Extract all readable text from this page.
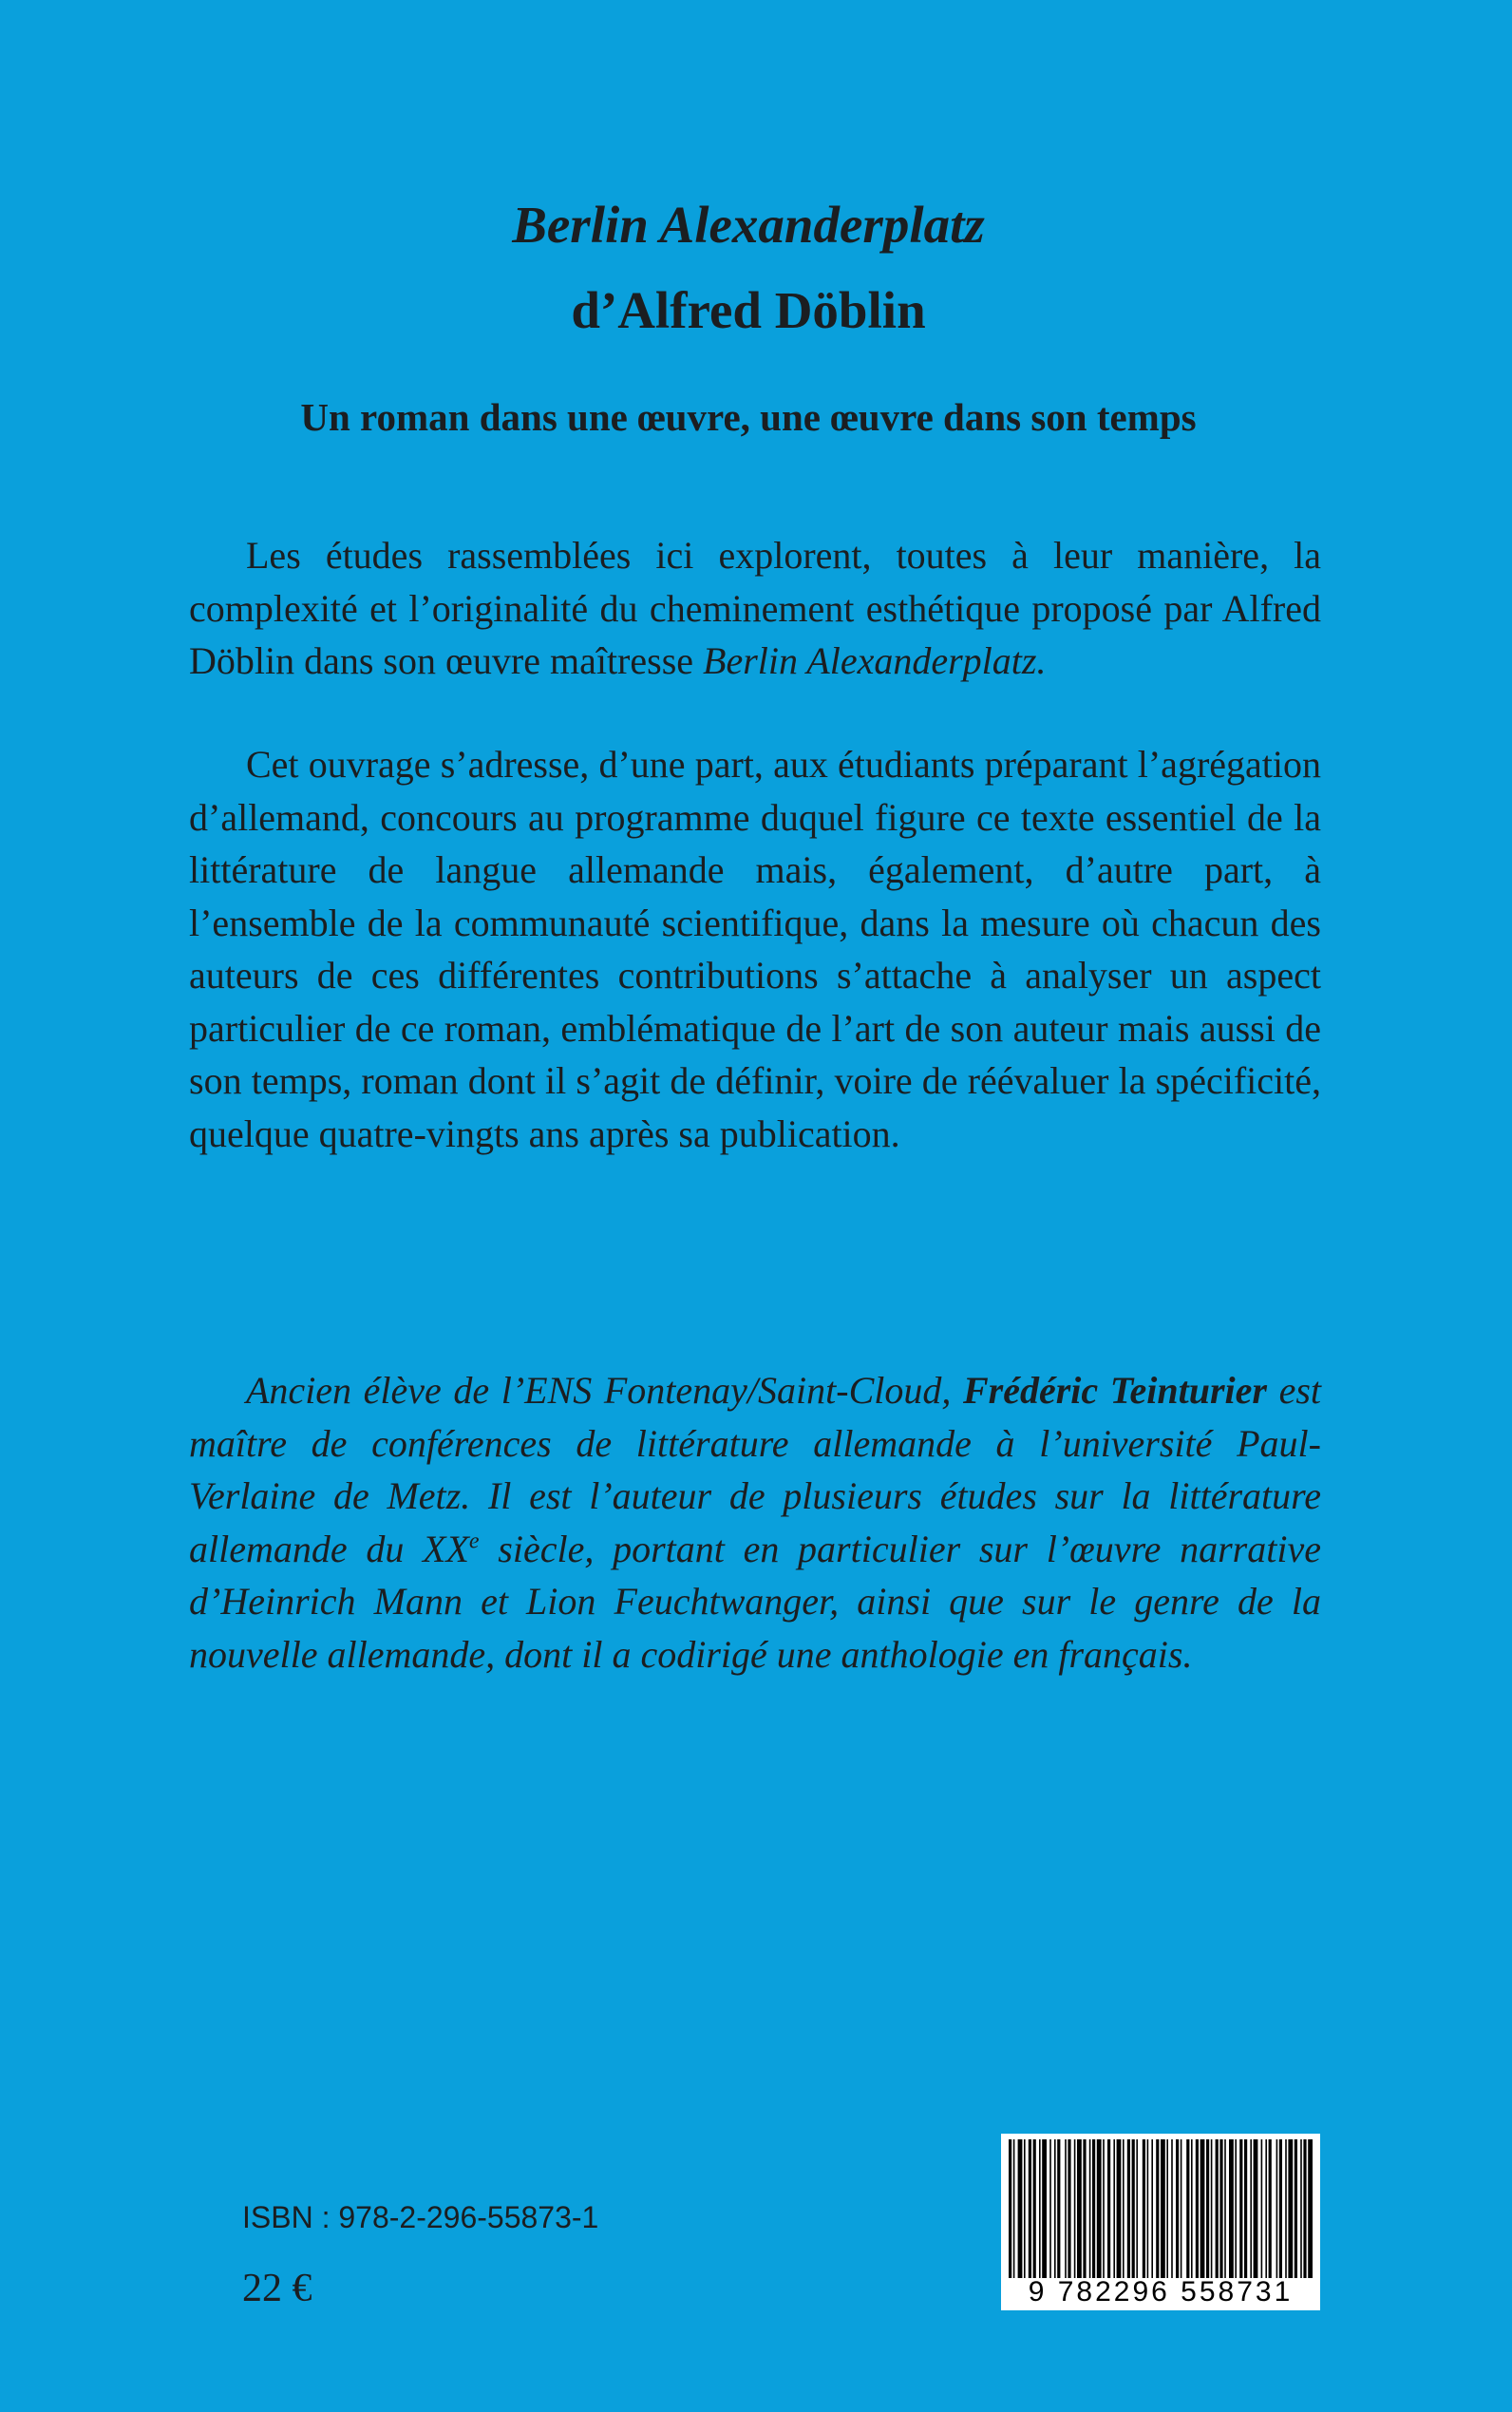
Berlin Alexanderplatz
d’Alfred Döblin
Un roman dans une œuvre, une œuvre dans son temps

Les études rassemblées ici explorent, toutes à leur manière, la complexité et l’originalité du cheminement esthétique proposé par Alfred Döblin dans son œuvre maîtresse Berlin Alexanderplatz.

Cet ouvrage s’adresse, d’une part, aux étudiants préparant l’agrégation d’allemand, concours au programme duquel figure ce texte essentiel de la littérature de langue allemande mais, également, d’autre part, à l’ensemble de la communauté scientifique, dans la mesure où chacun des auteurs de ces différentes contributions s’attache à analyser un aspect particulier de ce roman, emblématique de l’art de son auteur mais aussi de son temps, roman dont il s’agit de définir, voire de réévaluer la spécificité, quelque quatre-vingts ans après sa publication.

Ancien élève de l’ENS Fontenay/Saint-Cloud, Frédéric Teinturier est maître de conférences de littérature allemande à l’université Paul-Verlaine de Metz. Il est l’auteur de plusieurs études sur la littérature allemande du XXe siècle, portant en particulier sur l’œuvre narrative d’Heinrich Mann et Lion Feuchtwanger, ainsi que sur le genre de la nouvelle allemande, dont il a codirigé une anthologie en français.

ISBN : 978-2-296-55873-1

22 €	9 782296 558731
